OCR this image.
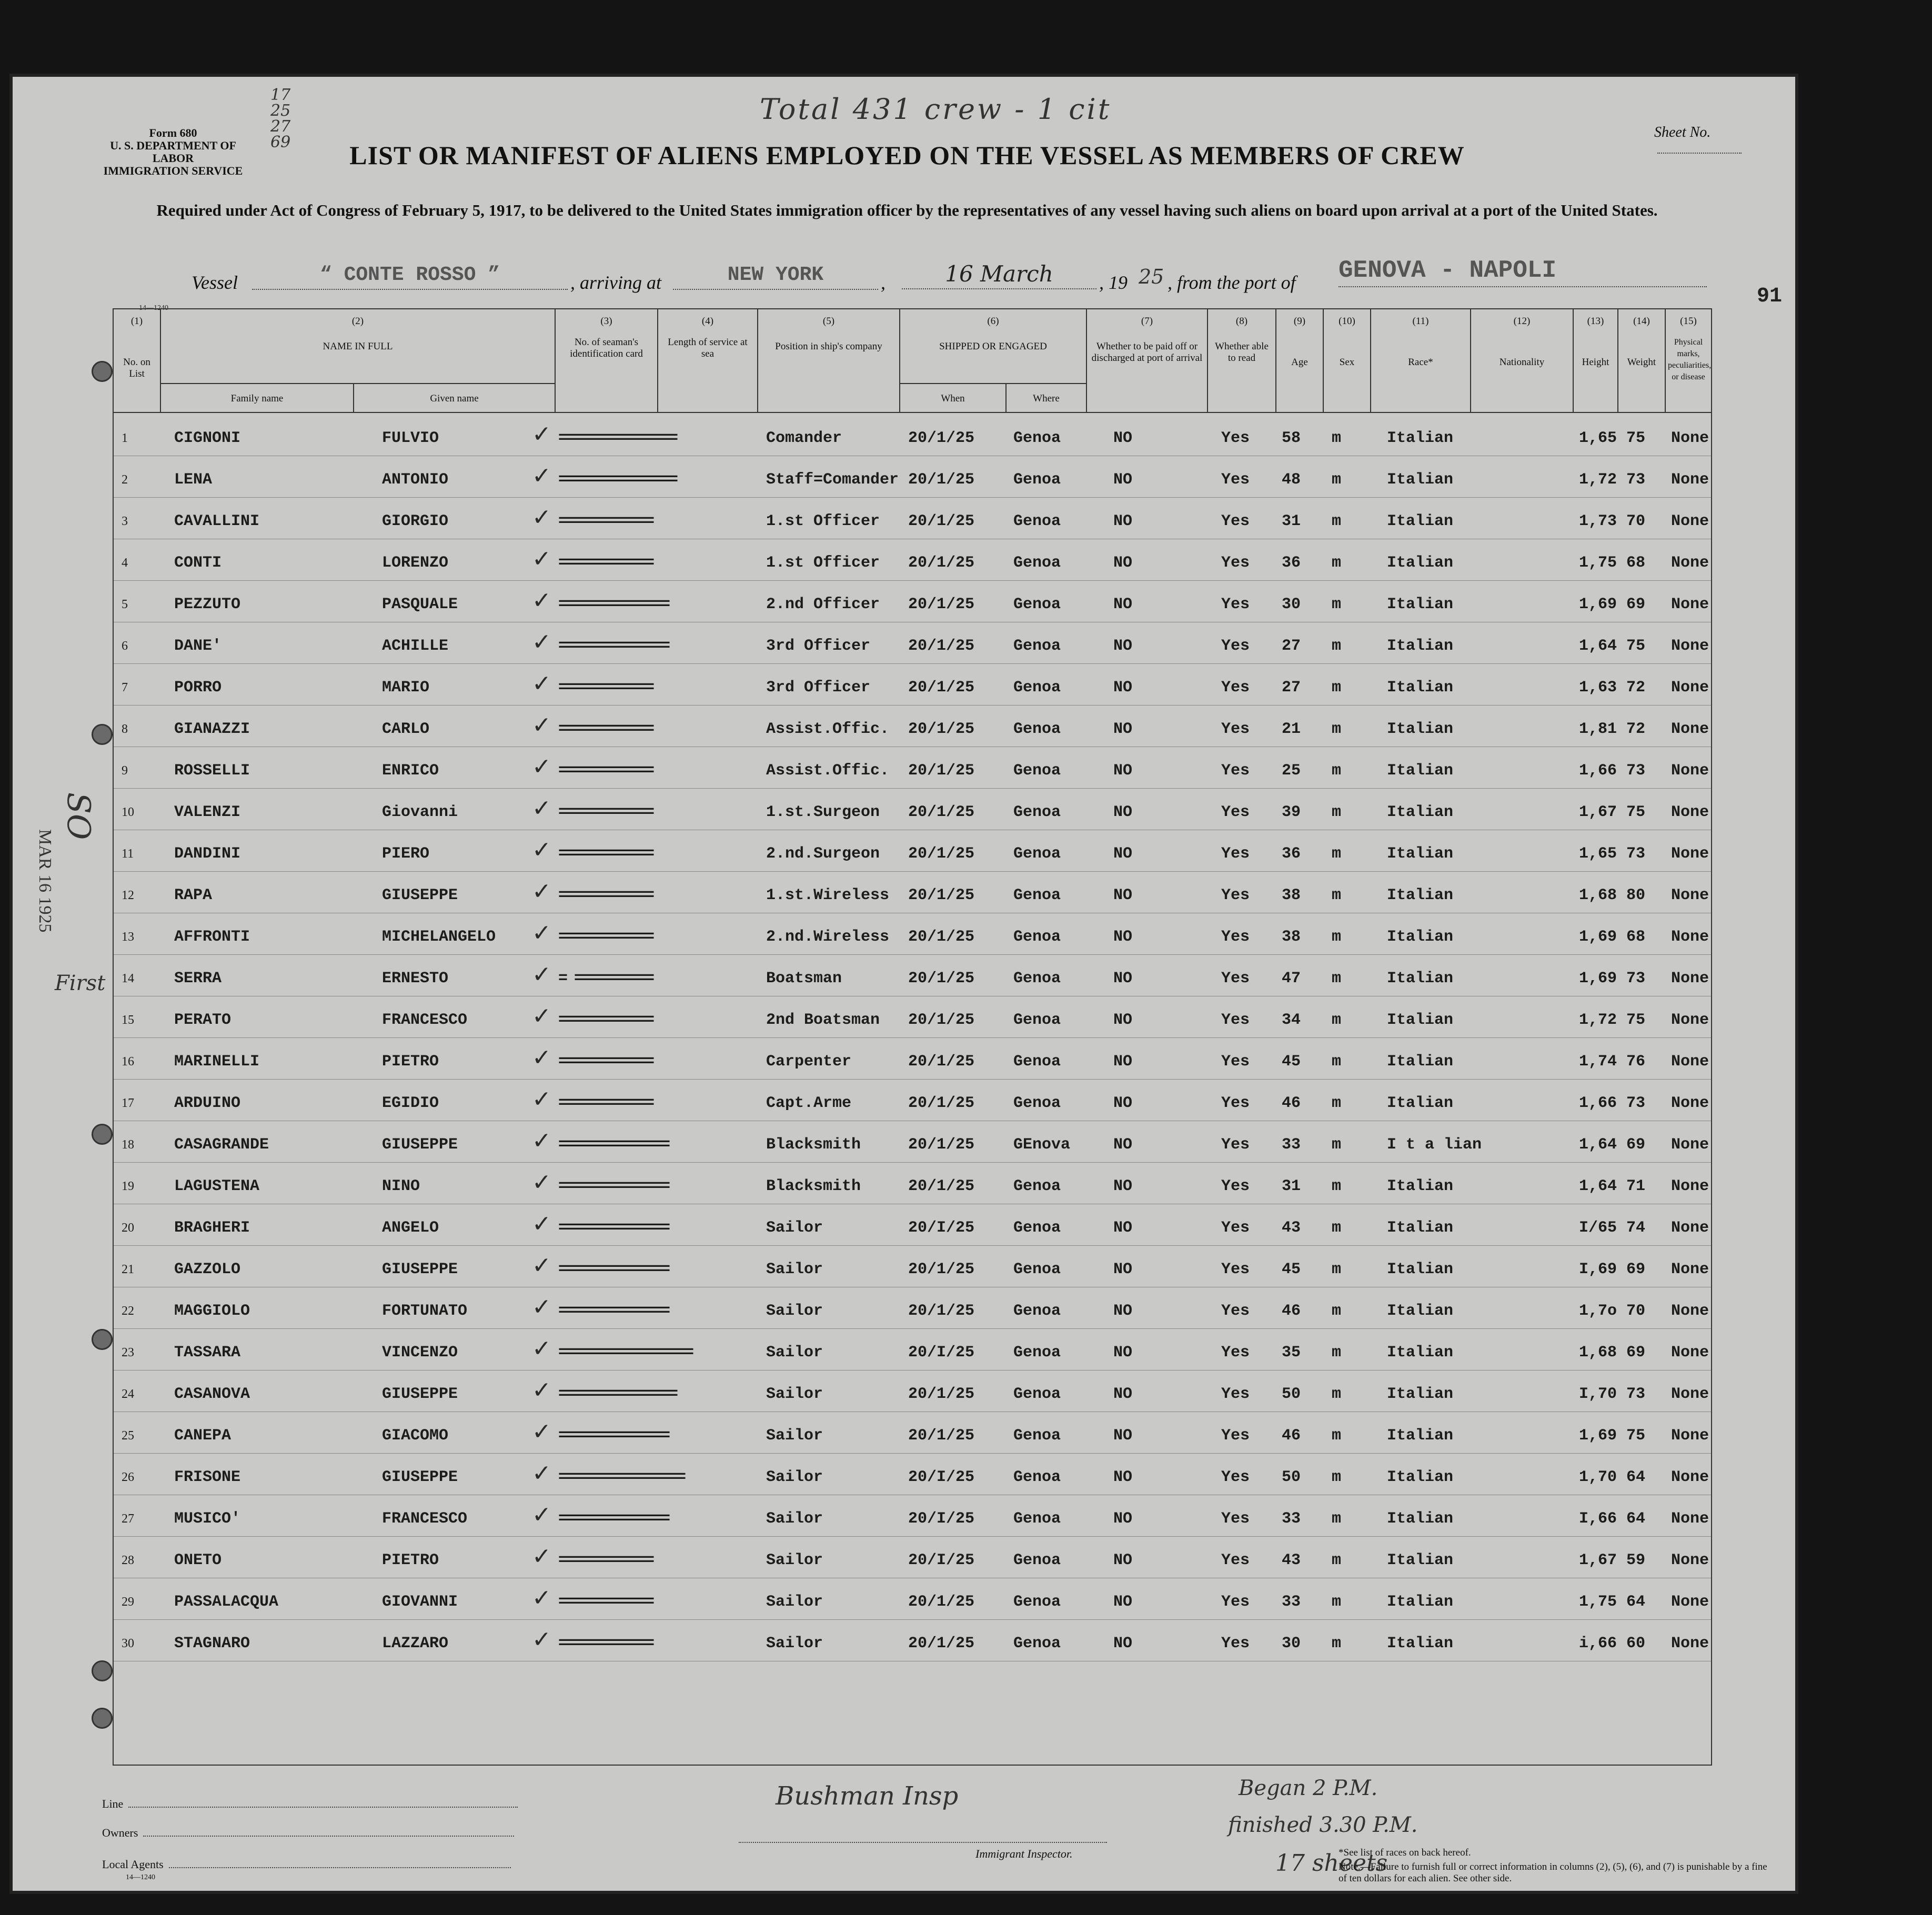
Form 680
U. S. DEPARTMENT OF LABOR
IMMIGRATION SERVICE
17
25
27
69
Total 431 crew - 1 cit
Sheet No.
LIST OR MANIFEST OF ALIENS EMPLOYED ON THE VESSEL AS MEMBERS OF CREW
Required under Act of Congress of February 5, 1917, to be delivered to the United States immigration officer by the representatives of any vessel having such aliens on board upon arrival at a port of the United States.
Vessel	“ CONTE ROSSO ”	, arriving at	NEW YORK	,	16 March	, 19 25 , from the port of GENOVA - NAPOLI
91
14—1240
First
MAR 16 1925
SO
(1)
No. on List
(2)
NAME IN FULL
Family name	Given name
(3)
No. of seaman's identification card
(4)
Length of service at sea
(5)
Position in ship's company
(6)
SHIPPED OR ENGAGED
When	Where
(7)
Whether to be paid off or discharged at port of arrival
(8)
Whether able to read
(9)
Age
(10)
Sex
(11)
Race*
(12)
Nationality
(13)
Height
(14)
Weight
(15)
Physical marks, peculiarities, or disease
1	CIGNONI	FULVIO	===============	Comander	20/1/25 Genoa	NO	Yes 58 m	Italian	1,65 75 None
✓
2	LENA	ANTONIO	===============	Staff=Comander 20/1/25 Genoa	NO	Yes 48 m	Italian	1,72 73 None
✓
3	CAVALLINI	GIORGIO	============	1.st Officer 20/1/25 Genoa	NO	Yes 31 m	Italian	1,73 70 None
✓
4	CONTI	LORENZO	============	1.st Officer 20/1/25 Genoa	NO	Yes 36 m	Italian	1,75 68 None
✓
5	PEZZUTO	PASQUALE	==============	2.nd Officer 20/1/25 Genoa	NO	Yes 30 m	Italian	1,69 69 None
✓
6	DANE'	ACHILLE	==============	3rd Officer 20/1/25 Genoa	NO	Yes 27 m	Italian	1,64 75 None
✓
7	PORRO	MARIO	============	3rd Officer 20/1/25 Genoa	NO	Yes 27 m	Italian	1,63 72 None
✓
8	GIANAZZI	CARLO	============	Assist.Offic. 20/1/25 Genoa	NO	Yes 21 m	Italian	1,81 72 None
✓
9	ROSSELLI	ENRICO	============	Assist.Offic. 20/1/25 Genoa	NO	Yes 25 m	Italian	1,66 73 None
✓
10	VALENZI	Giovanni	============	1.st.Surgeon 20/1/25 Genoa	NO	Yes 39 m	Italian	1,67 75 None
✓
11	DANDINI	PIERO	============	2.nd.Surgeon 20/1/25 Genoa	NO	Yes 36 m	Italian	1,65 73 None
✓
12	RAPA	GIUSEPPE	============	1.st.Wireless 20/1/25 Genoa	NO	Yes 38 m	Italian	1,68 80 None
✓
13	AFFRONTI	MICHELANGELO	============	2.nd.Wireless 20/1/25 Genoa	NO	Yes 38 m	Italian	1,69 68 None
✓
14	SERRA	ERNESTO	= ==========	Boatsman	20/1/25 Genoa	NO	Yes 47 m	Italian	1,69 73 None
✓
15	PERATO	FRANCESCO	============	2nd Boatsman 20/1/25 Genoa	NO	Yes 34 m	Italian	1,72 75 None
✓
16	MARINELLI	PIETRO	============	Carpenter	20/1/25 Genoa	NO	Yes 45 m	Italian	1,74 76 None
✓
17	ARDUINO	EGIDIO	============	Capt.Arme	20/1/25 Genoa	NO	Yes 46 m	Italian	1,66 73 None
✓
18	CASAGRANDE	GIUSEPPE	==============	Blacksmith	20/1/25 GEnova	NO	Yes 33 m	I t a lian	1,64 69 None
✓
19	LAGUSTENA	NINO	==============	Blacksmith	20/1/25 Genoa	NO	Yes 31 m	Italian	1,64 71 None
✓
20	BRAGHERI	ANGELO	==============	Sailor	20/I/25 Genoa	NO	Yes 43 m	Italian	I/65 74 None
✓
21	GAZZOLO	GIUSEPPE	==============	Sailor	20/1/25 Genoa	NO	Yes 45 m	Italian	I,69 69 None
✓
22	MAGGIOLO	FORTUNATO	==============	Sailor	20/1/25 Genoa	NO	Yes 46 m	Italian	1,7o 70 None
✓
23	TASSARA	VINCENZO	=================	Sailor	20/I/25 Genoa	NO	Yes 35 m	Italian	1,68 69 None
✓
24	CASANOVA	GIUSEPPE	===============	Sailor	20/1/25 Genoa	NO	Yes 50 m	Italian	I,70 73 None
✓
25	CANEPA	GIACOMO	==============	Sailor	20/1/25 Genoa	NO	Yes 46 m	Italian	1,69 75 None
✓
26	FRISONE	GIUSEPPE	================	Sailor	20/I/25 Genoa	NO	Yes 50 m	Italian	1,70 64 None
✓
27	MUSICO'	FRANCESCO	==============	Sailor	20/I/25 Genoa	NO	Yes 33 m	Italian	I,66 64 None
✓
28	ONETO	PIETRO	============	Sailor	20/I/25 Genoa	NO	Yes 43 m	Italian	1,67 59 None
✓
29	PASSALACQUA	GIOVANNI	============	Sailor	20/1/25 Genoa	NO	Yes 33 m	Italian	1,75 64 None
✓
30	STAGNARO	LAZZARO	============	Sailor	20/1/25 Genoa	NO	Yes 30 m	Italian	i,66 60 None
✓
Bushman Insp	Began 2 P.M.
finished 3.30 P.M.
17 sheets
Line
Owners
Local Agents
14—1240
Immigrant Inspector.	*See list of races on back hereof.
Note.—Failure to furnish full or correct information in columns (2), (5), (6), and (7) is punishable by a fine of ten dollars for each alien. See other side.
